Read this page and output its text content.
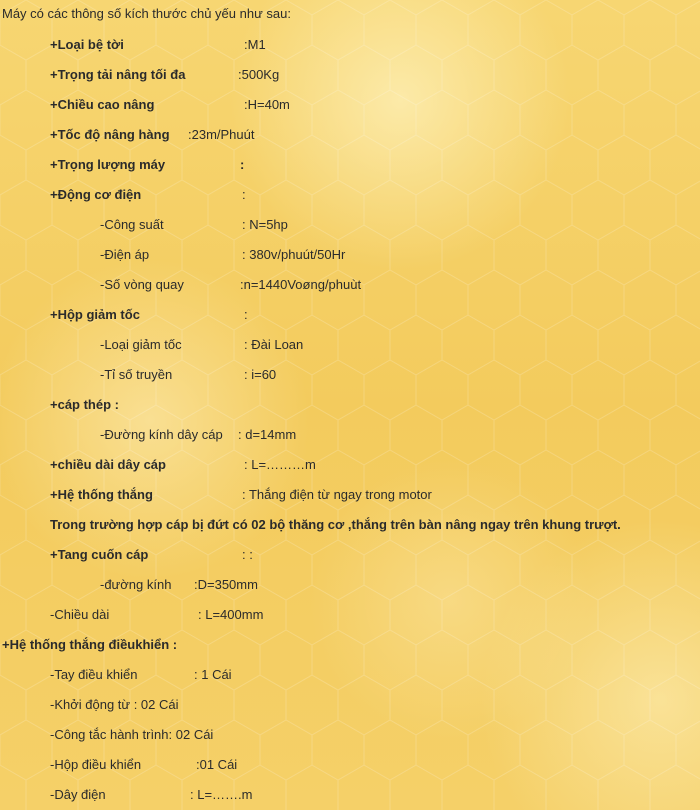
Máy có các thông số kích thước chủ yếu như sau:
+Loại bệ tời	:M1
+Trọng tải nâng tối đa	:500Kg
+Chiều cao nâng	:H=40m
+Tốc độ nâng hàng :23m/Phuút
+Trọng lượng máy	:
+Động cơ điện	:
-Công suất	: N=5hp
-Điện áp	: 380v/phuút/50Hr
-Số vòng quay	:n=1440Voøng/phuùt
+Hộp giảm tốc	:
-Loại giảm tốc	: Đài Loan
-Tỉ số truyền	: i=60
+cáp thép :
-Đường kính dây cáp : d=14mm
+chiều dài dây cáp	: L=………m
+Hệ thống thắng	: Thắng điện từ ngay trong motor
Trong trường hợp cáp bị đứt có 02 bộ thăng cơ ,thắng trên bàn nâng ngay trên khung trượt.
+Tang cuốn cáp	: :
-đường kính :D=350mm
-Chiều dài	: L=400mm
+Hệ thống thắng điềukhiển :
-Tay điều khiển	: 1 Cái
-Khởi động từ : 02 Cái
-Công tắc hành trình: 02 Cái
-Hộp điều khiển	:01 Cái
-Dây điện	: L=…….m
